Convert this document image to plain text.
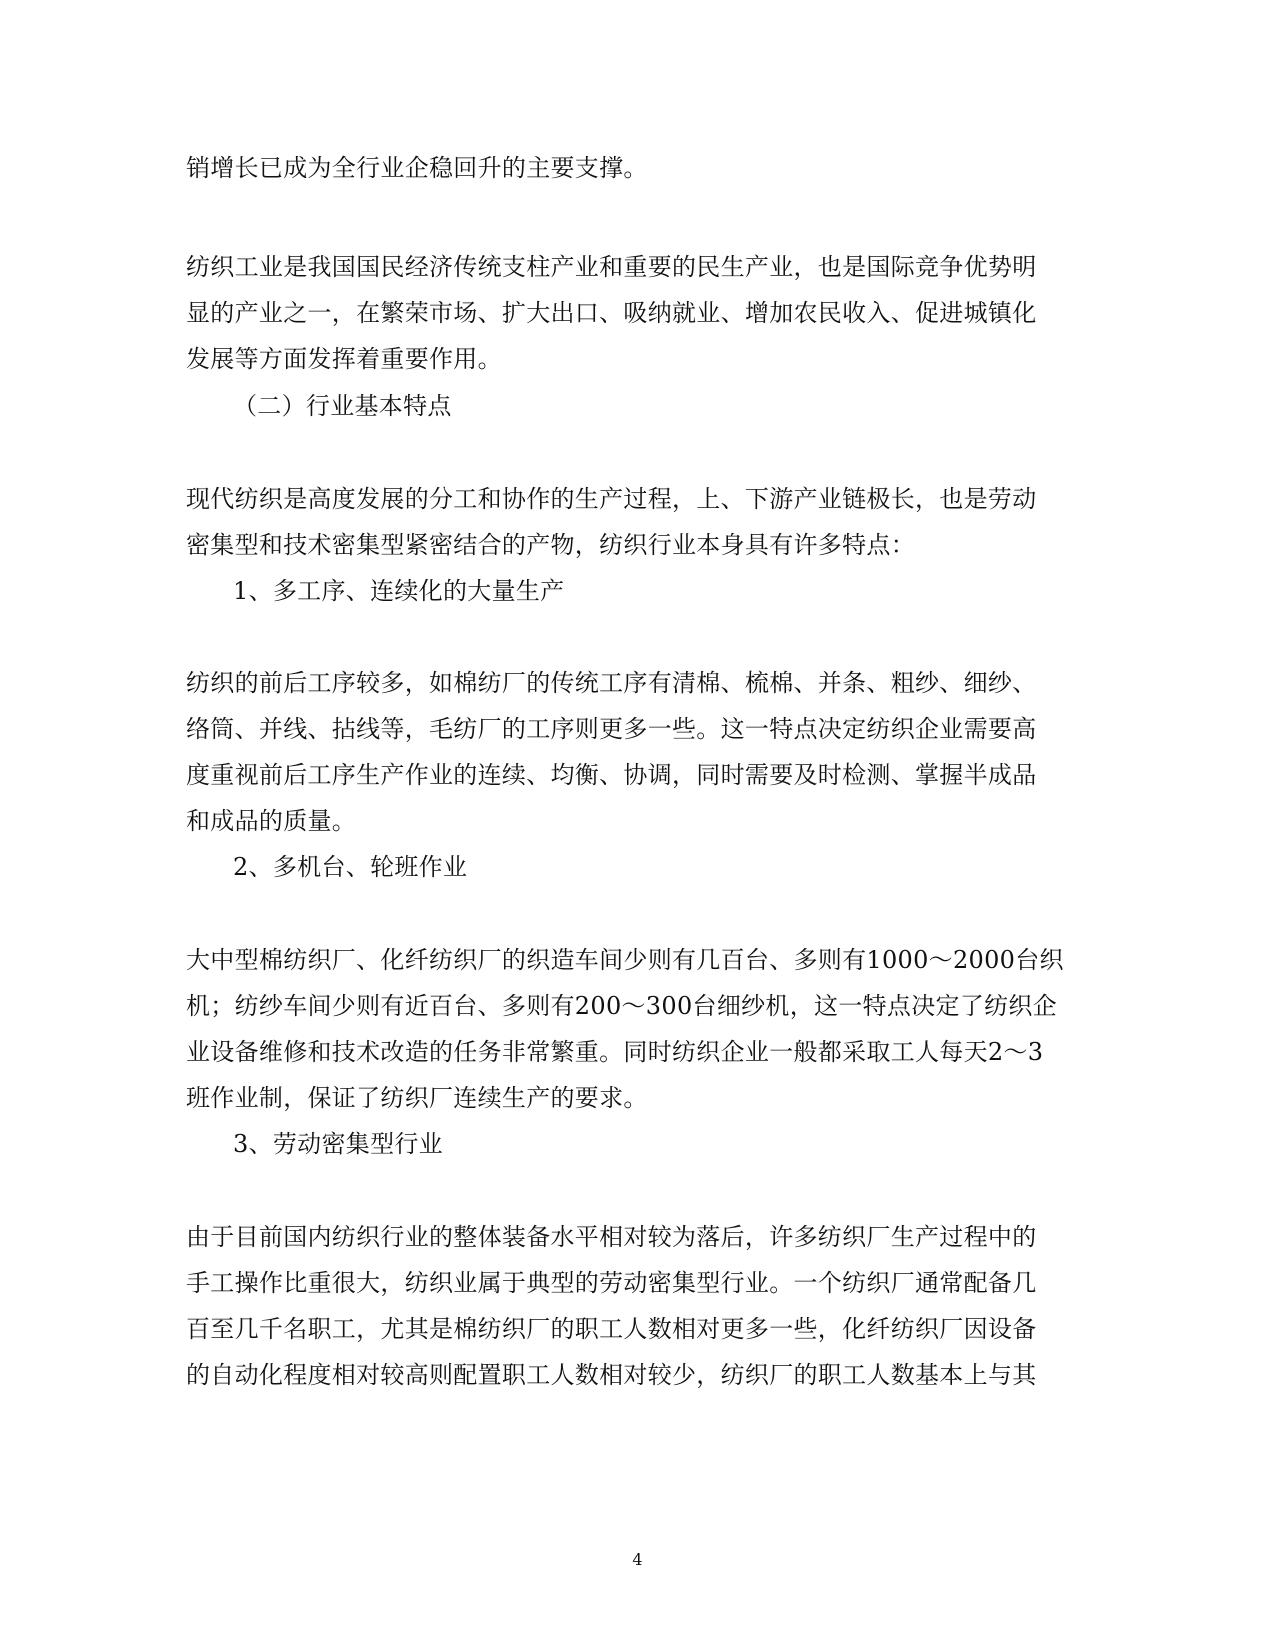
销增长已成为全行业企稳回升的主要支撑。
纺织工业是我国国民经济传统支柱产业和重要的民生产业，也是国际竞争优势明
显的产业之一，在繁荣市场、扩大出口、吸纳就业、增加农民收入、促进城镇化
发展等方面发挥着重要作用。
（二）行业基本特点
现代纺织是高度发展的分工和协作的生产过程，上、下游产业链极长，也是劳动
密集型和技术密集型紧密结合的产物，纺织行业本身具有许多特点：
1、多工序、连续化的大量生产
纺织的前后工序较多，如棉纺厂的传统工序有清棉、梳棉、并条、粗纱、细纱、
络筒、并线、拈线等，毛纺厂的工序则更多一些。这一特点决定纺织企业需要高
度重视前后工序生产作业的连续、均衡、协调，同时需要及时检测、掌握半成品
和成品的质量。
2、多机台、轮班作业
大中型棉纺织厂、化纤纺织厂的织造车间少则有几百台、多则有1000～2000台织
机；纺纱车间少则有近百台、多则有200～300台细纱机，这一特点决定了纺织企
业设备维修和技术改造的任务非常繁重。同时纺织企业一般都采取工人每天2～3
班作业制，保证了纺织厂连续生产的要求。
3、劳动密集型行业
由于目前国内纺织行业的整体装备水平相对较为落后，许多纺织厂生产过程中的
手工操作比重很大，纺织业属于典型的劳动密集型行业。一个纺织厂通常配备几
百至几千名职工，尤其是棉纺织厂的职工人数相对更多一些，化纤纺织厂因设备
的自动化程度相对较高则配置职工人数相对较少，纺织厂的职工人数基本上与其
4
